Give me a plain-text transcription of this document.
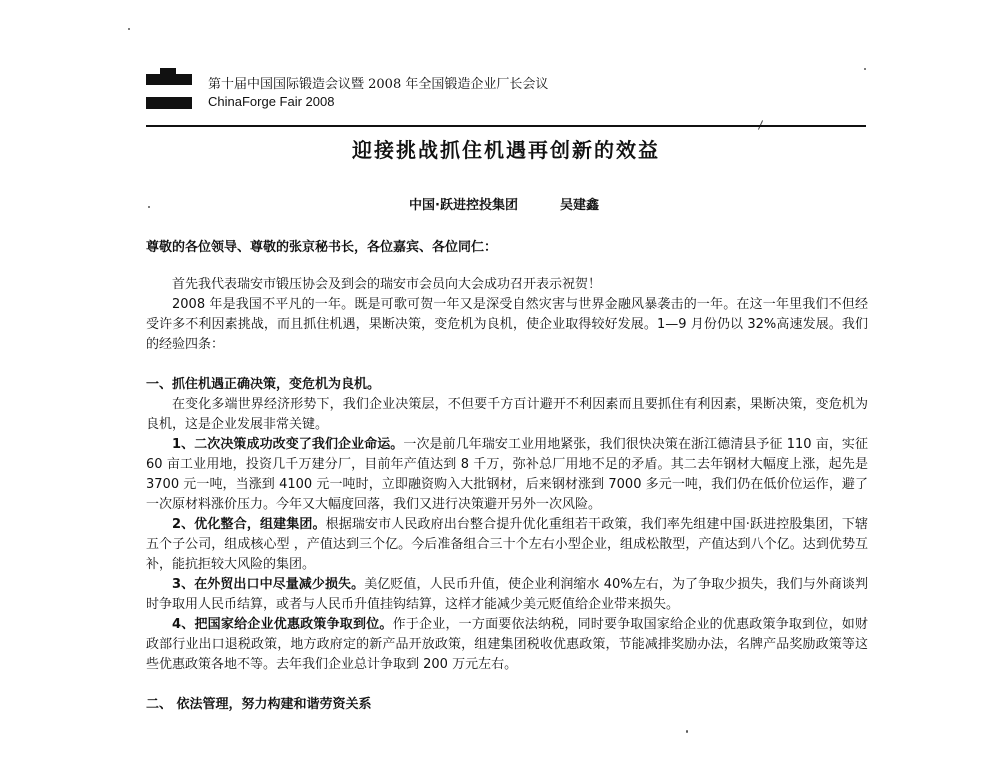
第十届中国国际锻造会议暨 2008 年全国锻造企业厂长会议
ChinaForge Fair 2008
迎接挑战抓住机遇再创新的效益
中国·跃进控投集团	吴建鑫
尊敬的各位领导、尊敬的张京秘书长，各位嘉宾、各位同仁：

首先我代表瑞安市锻压协会及到会的瑞安市会员向大会成功召开表示祝贺！

2008 年是我国不平凡的一年。既是可歌可贺一年又是深受自然灾害与世界金融风暴袭击的一年。在这一年里我们不但经受许多不利因素挑战，而且抓住机遇，果断决策，变危机为良机，使企业取得较好发展。1—9 月份仍以 32%高速发展。我们的经验四条：

一、抓住机遇正确决策，变危机为良机。

在变化多端世界经济形势下，我们企业决策层，不但要千方百计避开不利因素而且要抓住有利因素，果断决策，变危机为良机，这是企业发展非常关键。

1、二次决策成功改变了我们企业命运。一次是前几年瑞安工业用地紧张，我们很快决策在浙江德清县予征 110 亩，实征 60 亩工业用地，投资几千万建分厂，目前年产值达到 8 千万，弥补总厂用地不足的矛盾。其二去年钢材大幅度上涨，起先是 3700 元一吨，当涨到 4100 元一吨时，立即融资购入大批钢材，后来钢材涨到 7000 多元一吨，我们仍在低价位运作，避了一次原材料涨价压力。今年又大幅度回落，我们又进行决策避开另外一次风险。

2、优化整合，组建集团。根据瑞安市人民政府出台整合提升优化重组若干政策，我们率先组建中国·跃进控股集团，下辖五个子公司，组成核心型 ，产值达到三个亿。今后准备组合三十个左右小型企业，组成松散型，产值达到八个亿。达到优势互补，能抗拒较大风险的集团。

3、在外贸出口中尽量减少损失。美亿贬值，人民币升值，使企业利润缩水 40%左右，为了争取少损失，我们与外商谈判时争取用人民币结算，或者与人民币升值挂钩结算，这样才能减少美元贬值给企业带来损失。

4、把国家给企业优惠政策争取到位。作于企业，一方面要依法纳税，同时要争取国家给企业的优惠政策争取到位，如财政部行业出口退税政策，地方政府定的新产品开放政策，组建集团税收优惠政策，节能减排奖励办法，名牌产品奖励政策等这些优惠政策各地不等。去年我们企业总计争取到 200 万元左右。

二、 依法管理，努力构建和谐劳资关系
